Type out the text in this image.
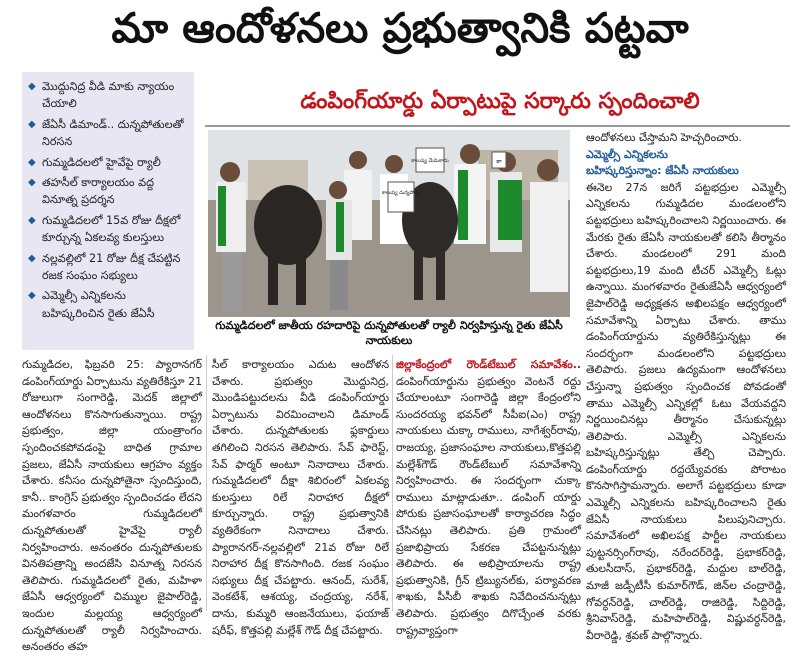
మా ఆందోళనలు ప్రభుత్వానికి పట్టవా
◆ మొద్దునిద్ర వీడి మాకు న్యాయం చేయాలి
◆ జేఏసీ డిమాండ్‌.. దున్నపోతులతో నిరసన
◆ గుమ్మడిదలలో హైవేపై ర్యాలీ
◆ తహసీల్‌ కార్యాలయం వద్ద వినూత్న ప్రదర్శన
◆ గుమ్మడిదలలో 15వ రోజు దీక్షలో కూర్చున్న ఏకలవ్య కులస్తులు
◆ నల్లవల్లిలో 21 రోజు దీక్ష చేపట్టిన రజక సంఘం సభ్యులు
◆ ఎమ్మెల్సీ ఎన్నికలను బహిష్కరించిన రైతు జేఏసీ
డంపింగ్‌యార్డు ఏర్పాటుపై సర్కారు స్పందించాలి
కాలుష్య దున్నపోతు
కాలుష్య మేమికాదు	కా
గుమ్మడిదలలో జాతీయ రహదారిపై దున్నపోతులతో ర్యాలీ నిర్వహిస్తున్న రైతు జేఏసీ నాయకులు
గుమ్మడిదల, ఫిబ్రవరి 25: ప్యారానగర్‌ డంపింగ్‌యార్డు ఏర్పాటును వ్యతిరేకిస్తూ 21 రోజులుగా సంగారెడ్డి, మెదక్‌ జిల్లాలో ఆందోళనలు కొనసాగుతున్నాయి. రాష్ట్ర ప్రభుత్వం, జిల్లా యంత్రాంగం స్పందించకపోవడంపై బాధిత గ్రామాల ప్రజలు, జేఏసీ నాయకులు ఆగ్రహం వ్యక్తం చేశారు. కనీసం దున్నపోతైనా స్పందిస్తుంది, కానీ.. కాంగ్రెస్‌ ప్రభుత్వం స్పందించడం లేదని మంగళవారం గుమ్మడిదలలో దున్నపోతులతో హైవేపై ర్యాలీ నిర్వహించారు. అనంతరం దున్నపోతులకు వినతిపత్రాన్ని అందజేసి వినూత్న నిరసన తెలిపారు. గుమ్మడిదలలో రైతు, మహిళా జేఏసీ ఆధ్వర్యంలో చిమ్ముల జైపాల్‌రెడ్డి, ఇందుల మల్లయ్య ఆధ్వర్యంలో దున్నపోతులతో ర్యాలీ నిర్వహించారు. అనంతరం తహ
సీల్‌ కార్యాలయం ఎదుట ఆందోళన చేశారు. ప్రభుత్వం మొద్దునిద్ర, మొండిపట్టుదలను వీడి డంపింగ్‌యార్డు ఏర్పాటును విరమించాలని డిమాండ్‌ చేశారు. దున్నపోతులకు ఫ్లకార్డులు తగిలించి నిరసన తెలిపారు. సేవ్‌ ఫారెస్ట్‌, సేవ్‌ ఫార్మర్‌ అంటూ నినాదాలు చేశారు. గుమ్మడిదలలో దీక్షా శిబిరంలో ఏకలవ్య కులస్తులు రిలే నిరాహార దీక్షలో కూర్చున్నారు. రాష్ట్ర ప్రభుత్వానికి వ్యతిరేకంగా నినాదాలు చేశారు. ప్యారానగర్‌-నల్లవల్లిలో 21వ రోజు రిలే నిరాహార దీక్ష కొనసాగింది. రజక సంఘం సభ్యులు దీక్ష చేపట్టారు. ఆనంద్‌, సురేశ్‌, వెంకటేశ్‌, ఆశయ్య, చంద్రయ్య, నరేశ్‌, దాను, కుమ్మరి ఆంజనేయులు, ఫయాజ్‌ షరీఫ్‌, కొత్తపల్లి మల్లేశ్‌ గౌడ్‌ దీక్ష చేపట్టారు.
జిల్లాకేంద్రంలో రౌండ్‌టేబుల్‌ సమావేశం.. డంపింగ్‌యార్డును ప్రభుత్వం వెంటనే రద్దు చేయాలంటూ సంగారెడ్డి జిల్లా కేంద్రంలోని సుందరయ్య భవన్‌లో సీపీఐ(ఎం) రాష్ట్ర నాయకులు చుక్కా రాములు, నాగేశ్వర్‌రావు, రాజయ్య, ప్రజాసంఘాల నాయకులు,కొత్తపల్లి మల్లేశ్‌గౌడ్‌ రౌండ్‌టేబుల్‌ సమావేశాన్ని నిర్వహించారు. ఈ సందర్భంగా చుక్కా రాములు మాట్లాడుతూ.. డంపింగ్‌ యార్డు పోరుకు ప్రజాసంఘాలతో కార్యాచరణ సిద్ధం చేసినట్లు తెలిపారు. ప్రతి గ్రామంలో ప్రజాభిప్రాయ సేకరణ చేపట్టనున్నట్లు తెలిపారు. ఈ అభిప్రాయాలను రాష్ట్ర ప్రభుత్వానికి, గ్రీన్‌ ట్రిబ్యునల్‌కు, పర్యావరణ శాఖకు, పీసీబీ శాఖకు నివేదించనున్నట్లు తెలిపారు. ప్రభుత్వం దిగొచ్చేంత వరకు రాష్ట్రవ్యాప్తంగా
ఆందోళనలు చేస్తామని హెచ్చరించారు.
ఎమ్మెల్సీ ఎన్నికలను
బహిష్కరిస్తున్నాం: జేఏసీ నాయకులు
ఈనెల 27న జరిగే పట్టభద్రుల ఎమ్మెల్సీ ఎన్నికలను గుమ్మడిదల మండలంలోని పట్టభద్రులు బహిష్కరించాలని నిర్ణయించారు. ఈ మేరకు రైతు జేఏసీ నాయకులతో కలిసి తీర్మానం చేశారు. మండలంలో 291 మంది పట్టభద్రులు,19 మంది టీచర్‌ ఎమ్మెల్సీ ఓట్లు ఉన్నాయి. మంగళవారం రైతుజేఏసీ ఆధ్వర్యంలో జైపాల్‌రెడ్డి అధ్యక్షతన అఖిలపక్షం ఆధ్వర్యంలో సమావేశాన్ని ఏర్పాటు చేశారు. తాము డంపింగ్‌యార్డును వ్యతిరేకిస్తున్నట్లు ఈ సందర్భంగా మండలంలోని పట్టభద్రులు తెలిపారు. ప్రజలు ఉద్యమంగా ఆందోళనలు చేస్తున్నా ప్రభుత్వం స్పందించక పోవడంతో తాము ఎమ్మెల్సీ ఎన్నికల్లో ఓటు వేయవద్దని నిర్ణయించినట్లు తీర్మానం చేసుకున్నట్లు తెలిపారు. ఎమ్మెల్సీ ఎన్నికలను బహిష్కరిస్తున్నట్లు తేల్చి చెప్పారు. డంపింగ్‌యార్డు రద్దయ్యేవరకు పోరాటం కొనసాగిస్తామన్నారు. అలాగే పట్టభద్రులు కూడా ఎమ్మెల్సీ ఎన్నికలను బహిష్కరించాలని రైతు జేఏసీ నాయకులు పిలుపునిచ్చారు. సమావేశంలో అఖిలపక్ష పార్టీల నాయకులు పుట్టనర్సింగ్‌రావు, నరేందర్‌రెడ్డి, ప్రభాకర్‌రెడ్డి, తులసీదాస్‌, ప్రభాకర్‌రెడ్డి, మద్దుల బాల్‌రెడ్డి, మాజీ జడ్పీటీసీ కుమార్‌గౌడ్‌, జిన్‌ల చంద్రారెడ్డి, గోవర్ధన్‌రెడ్డి, చాల్‌రెడ్డి, రాజిరెడ్డి, సిద్దిరెడ్డి, శ్రీనివాస్‌రెడ్డి, మహిపాల్‌రెడ్డి, విష్ణువర్ధన్‌రెడ్డి, వీరారెడ్డి, శ్రవణ్‌ పాల్గొన్నారు.
